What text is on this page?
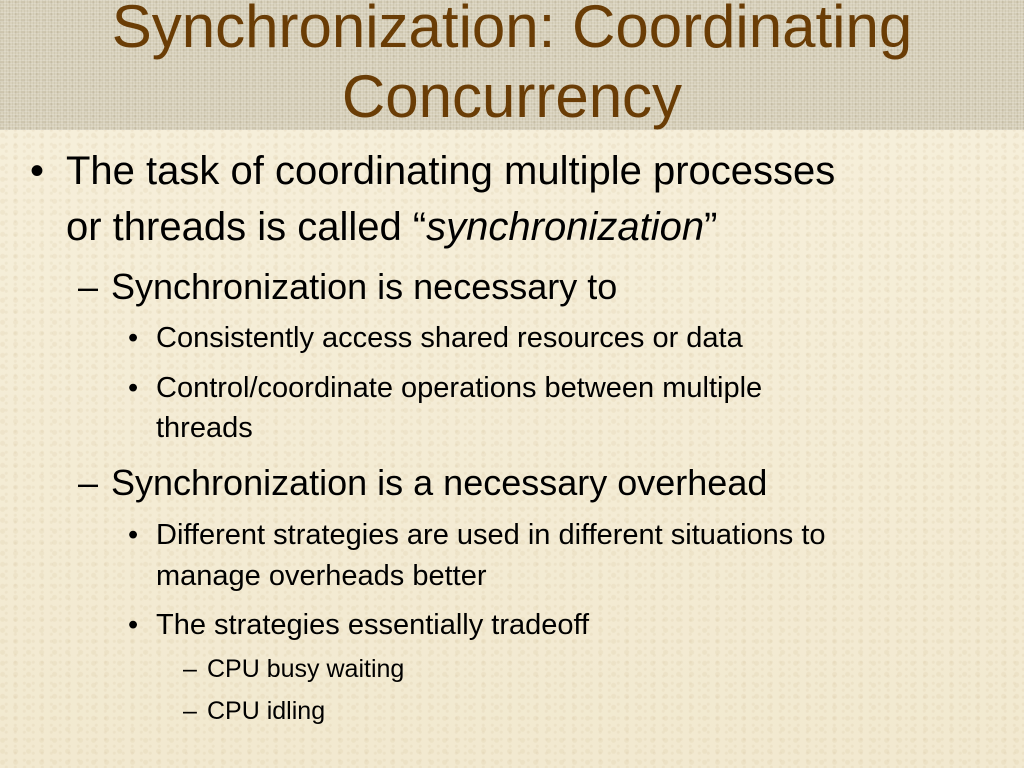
Synchronization: Coordinating
Concurrency
• The task of coordinating multiple processes
or threads is called “synchronization”
– Synchronization is necessary to
• Consistently access shared resources or data
• Control/coordinate operations between multiple
threads
– Synchronization is a necessary overhead
• Different strategies are used in different situations to
manage overheads better
• The strategies essentially tradeoff
– CPU busy waiting
– CPU idling
